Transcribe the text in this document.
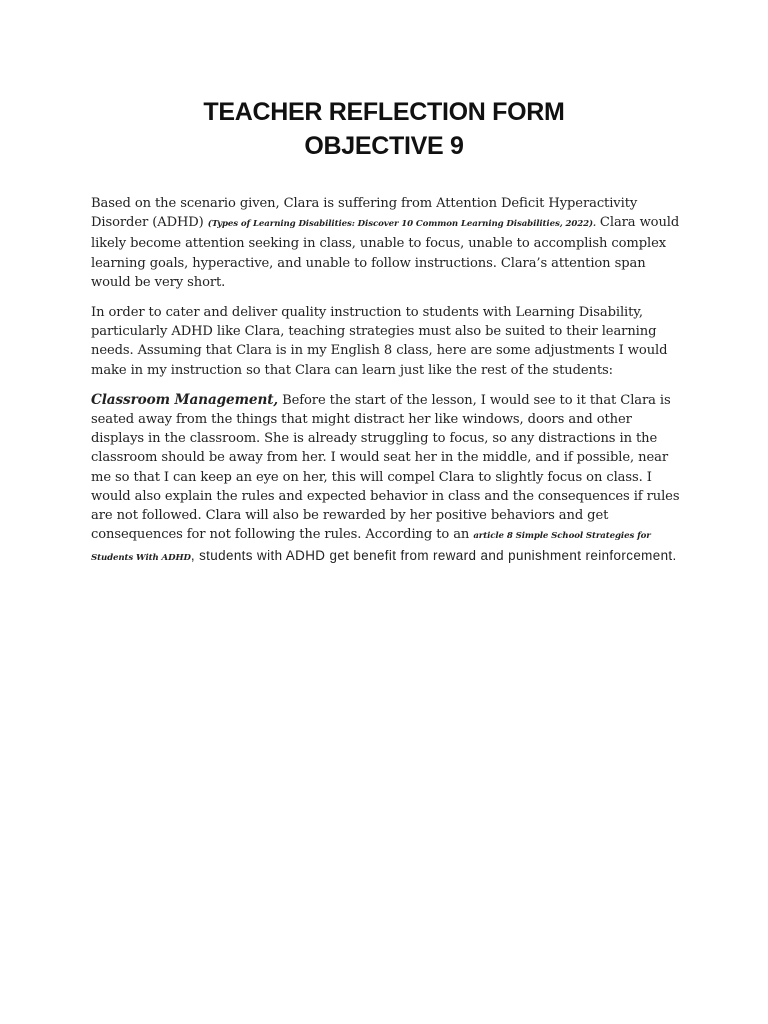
TEACHER REFLECTION FORM
OBJECTIVE 9

Based on the scenario given, Clara is suffering from Attention Deficit Hyperactivity Disorder (ADHD) (Types of Learning Disabilities: Discover 10 Common Learning Disabilities, 2022). Clara would likely become attention seeking in class, unable to focus, unable to accomplish complex learning goals, hyperactive, and unable to follow instructions. Clara’s attention span would be very short.

In order to cater and deliver quality instruction to students with Learning Disability, particularly ADHD like Clara, teaching strategies must also be suited to their learning needs. Assuming that Clara is in my English 8 class, here are some adjustments I would make in my instruction so that Clara can learn just like the rest of the students:

Classroom Management, Before the start of the lesson, I would see to it that Clara is seated away from the things that might distract her like windows, doors and other displays in the classroom. She is already struggling to focus, so any distractions in the classroom should be away from her. I would seat her in the middle, and if possible, near me so that I can keep an eye on her, this will compel Clara to slightly focus on class. I would also explain the rules and expected behavior in class and the consequences if rules are not followed. Clara will also be rewarded by her positive behaviors and get consequences for not following the rules. According to an article 8 Simple School Strategies for Students With ADHD, students with ADHD get benefit from reward and punishment reinforcement.
